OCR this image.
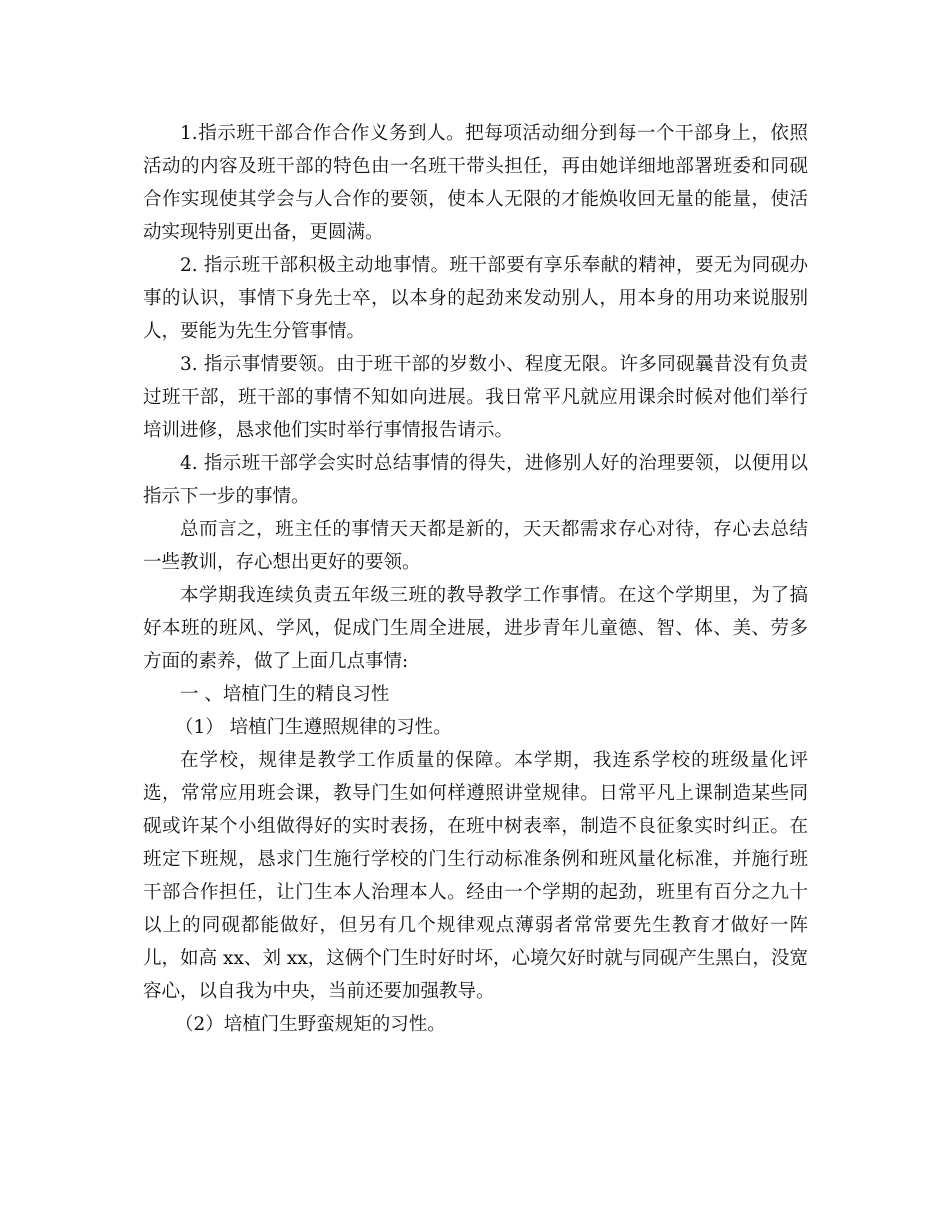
1.指示班干部合作合作义务到人。把每项活动细分到每一个干部身上，依照活动的内容及班干部的特色由一名班干带头担任，再由她详细地部署班委和同砚合作实现使其学会与人合作的要领，使本人无限的才能焕收回无量的能量，使活动实现特别更出备，更圆满。

2. 指示班干部积极主动地事情。班干部要有享乐奉献的精神，要无为同砚办事的认识，事情下身先士卒，以本身的起劲来发动别人，用本身的用功来说服别人，要能为先生分管事情。

3. 指示事情要领。由于班干部的岁数小、程度无限。许多同砚曩昔没有负责过班干部，班干部的事情不知如向进展。我日常平凡就应用课余时候对他们举行培训进修，恳求他们实时举行事情报告请示。

4. 指示班干部学会实时总结事情的得失，进修别人好的治理要领，以便用以指示下一步的事情。

总而言之，班主任的事情天天都是新的，天天都需求存心对待，存心去总结一些教训，存心想出更好的要领。

本学期我连续负责五年级三班的教导教学工作事情。在这个学期里，为了搞好本班的班风、学风，促成门生周全进展，进步青年儿童德、智、体、美、劳多方面的素养，做了上面几点事情:

一 、培植门生的精良习性

（1） 培植门生遵照规律的习性。

在学校，规律是教学工作质量的保障。本学期，我连系学校的班级量化评选，常常应用班会课，教导门生如何样遵照讲堂规律。日常平凡上课制造某些同砚或许某个小组做得好的实时表扬，在班中树表率，制造不良征象实时纠正。在班定下班规，恳求门生施行学校的门生行动标准条例和班风量化标准，并施行班干部合作担任，让门生本人治理本人。经由一个学期的起劲，班里有百分之九十以上的同砚都能做好，但另有几个规律观点薄弱者常常要先生教育才做好一阵儿，如高 xx、刘 xx，这俩个门生时好时坏，心境欠好时就与同砚产生黑白，没宽容心，以自我为中央，当前还要加强教导。

（2）培植门生野蛮规矩的习性。
